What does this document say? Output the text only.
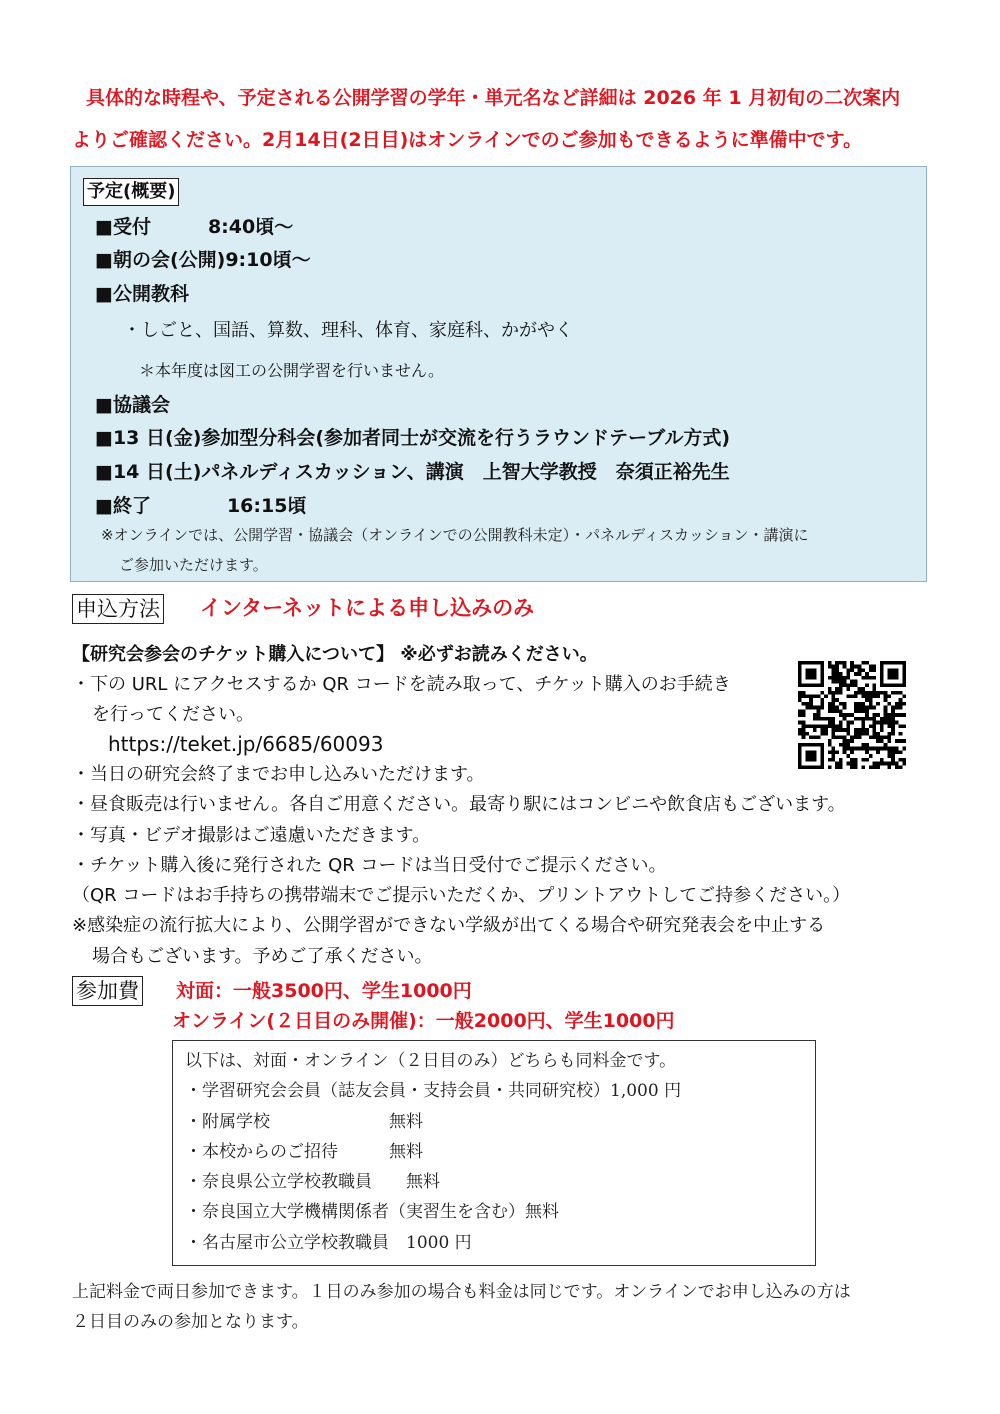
具体的な時程や、予定される公開学習の学年・単元名など詳細は 2026 年 1 月初旬の二次案内
よりご確認ください。2月14日(2日目)はオンラインでのご参加もできるように準備中です。
予定(概要)
■受付　　　8:40頃～
■朝の会(公開)9:10頃～
■公開教科
・しごと、国語、算数、理科、体育、家庭科、かがやく
＊本年度は図工の公開学習を行いません。
■協議会
■13 日(金)参加型分科会(参加者同士が交流を行うラウンドテーブル方式)
■14 日(土)パネルディスカッション、講演　上智大学教授　奈須正裕先生
■終了　　　　16:15頃
※オンラインでは、公開学習・協議会（オンラインでの公開教科未定）・パネルディスカッション・講演に
ご参加いただけます。
申込方法 インターネットによる申し込みのみ
【研究会参会のチケット購入について】 ※必ずお読みください。
・下の URL にアクセスするか QR コードを読み取って、チケット購入のお手続き
を行ってください。
https://teket.jp/6685/60093
・当日の研究会終了までお申し込みいただけます。
・昼食販売は行いません。各自ご用意ください。最寄り駅にはコンビニや飲食店もございます。
・写真・ビデオ撮影はご遠慮いただきます。
・チケット購入後に発行された QR コードは当日受付でご提示ください。
（QR コードはお手持ちの携帯端末でご提示いただくか、プリントアウトしてご持参ください。）
※感染症の流行拡大により、公開学習ができない学級が出てくる場合や研究発表会を中止する
場合もございます。予めご了承ください。
参加費 対面：一般3500円、学生1000円
オンライン(２日目のみ開催)：一般2000円、学生1000円
以下は、対面・オンライン（２日目のみ）どちらも同料金です。
・学習研究会会員（誌友会員・支持会員・共同研究校）1,000 円
・附属学校　　　　　　　無料
・本校からのご招待　　　無料
・奈良県公立学校教職員　　無料
・奈良国立大学機構関係者（実習生を含む）無料
・名古屋市公立学校教職員　1000 円
上記料金で両日参加できます。１日のみ参加の場合も料金は同じです。オンラインでお申し込みの方は
２日目のみの参加となります。
